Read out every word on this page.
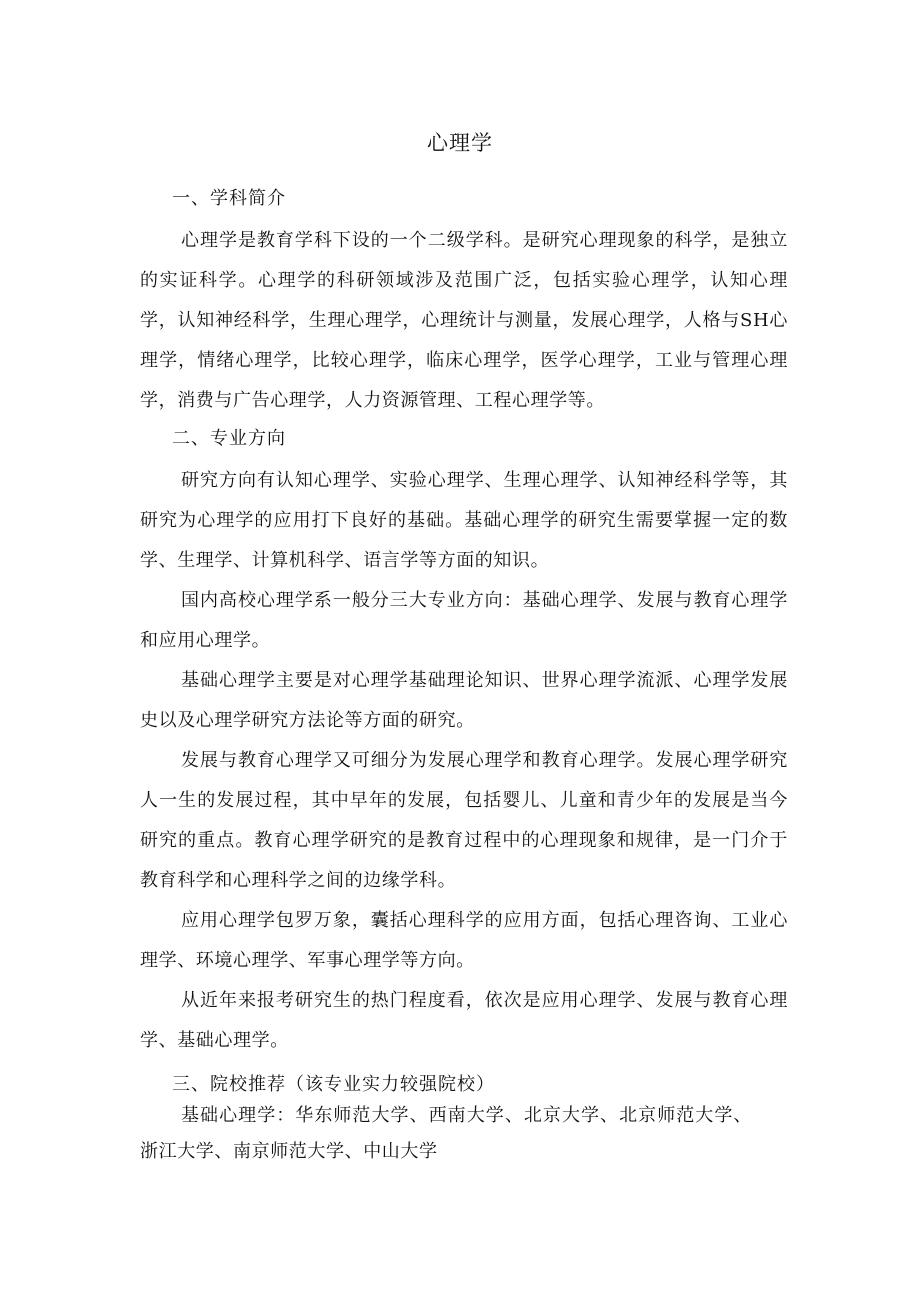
心理学
一、学科简介
心理学是教育学科下设的一个二级学科。是研究心理现象的科学，是独立的实证科学。心理学的科研领域涉及范围广泛，包括实验心理学，认知心理学，认知神经科学，生理心理学，心理统计与测量，发展心理学，人格与SH心理学，情绪心理学，比较心理学，临床心理学，医学心理学，工业与管理心理学，消费与广告心理学，人力资源管理、工程心理学等。
二、专业方向
研究方向有认知心理学、实验心理学、生理心理学、认知神经科学等，其研究为心理学的应用打下良好的基础。基础心理学的研究生需要掌握一定的数学、生理学、计算机科学、语言学等方面的知识。
国内高校心理学系一般分三大专业方向：基础心理学、发展与教育心理学和应用心理学。
基础心理学主要是对心理学基础理论知识、世界心理学流派、心理学发展史以及心理学研究方法论等方面的研究。
发展与教育心理学又可细分为发展心理学和教育心理学。发展心理学研究人一生的发展过程，其中早年的发展，包括婴儿、儿童和青少年的发展是当今研究的重点。教育心理学研究的是教育过程中的心理现象和规律，是一门介于教育科学和心理科学之间的边缘学科。
应用心理学包罗万象，囊括心理科学的应用方面，包括心理咨询、工业心理学、环境心理学、军事心理学等方向。
从近年来报考研究生的热门程度看，依次是应用心理学、发展与教育心理学、基础心理学。
三、院校推荐（该专业实力较强院校）
基础心理学：华东师范大学、西南大学、北京大学、北京师范大学、浙江大学、南京师范大学、中山大学
